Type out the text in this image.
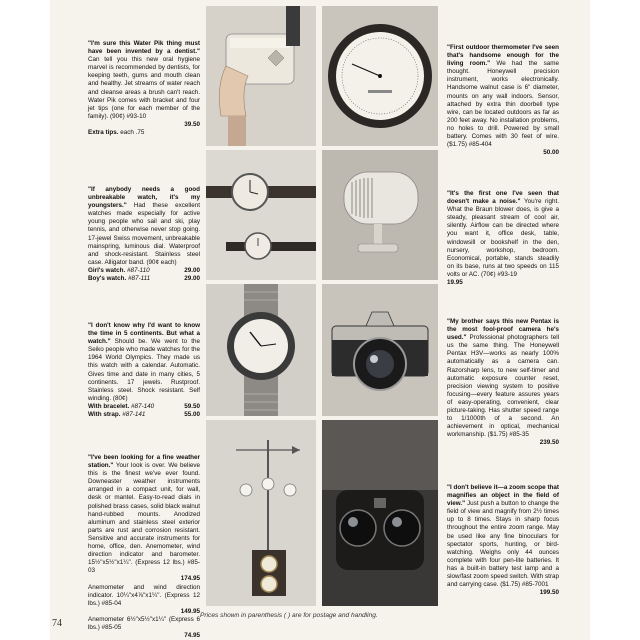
"I'm sure this Water Pik thing must have been invented by a dentist." Can tell you this new oral hygiene marvel is recommended by dentists, for keeping teeth, gums and mouth clean and healthy. Jet streams of water reach and cleanse areas a brush can't reach. Water Pik comes with bracket and four jet tips (one for each member of the family). (90¢) #93-10
39.50
Extra tips. each .75
"If anybody needs a good unbreakable watch, it's my youngsters." Had these excellent watches made especially for active young people who sail and ski, play tennis, and otherwise never stop going. 17-jewel Swiss movement, unbreakable mainspring, luminous dial. Waterproof and shock-resistant. Stainless steel case. Alligator band. (90¢ each)
Girl's watch. #87-110	29.00
Boy's watch. #87-111	29.00
"I don't know why I'd want to know the time in 5 continents. But what a watch." Should be. We went to the Seiko people who made watches for the 1964 World Olympics. They made us this watch with a calendar. Automatic. Gives time and date in many cities, 5 continents. 17 jewels. Rustproof. Stainless steel. Shock resistant. Self winding. (80¢)
With bracelet. #87-140	59.50
With strap. #87-141	55.00
"I've been looking for a fine weather station." Your look is over. We believe this is the finest we've ever found. Downeaster weather instruments arranged in a compact unit, for wall, desk or mantel. Easy-to-read dials in polished brass cases, solid black walnut hand-rubbed mounts. Anodized aluminum and stainless steel exterior parts are rust and corrosion resistant. Sensitive and accurate instruments for home, office, den. Anemometer, wind direction indicator and barometer. 15½"x5½"x1¼". (Express 12 lbs.) #85-03
174.95
Anemometer and wind direction indicator. 10¼"x4⅞"x1¼". (Express 12 lbs.) #85-04
149.95
Anemometer 6½"x5½"x1¼" (Express 6 lbs.) #85-05
74.95
"First outdoor thermometer I've seen that's handsome enough for the living room." We had the same thought. Honeywell precision instrument, works electronically. Handsome walnut case is 6" diameter, mounts on any wall indoors. Sensor, attached by extra thin doorbell type wire, can be located outdoors as far as 200 feet away. No installation problems, no holes to drill. Powered by small battery. Comes with 30 feet of wire. ($1.75) #85-404
50.00
"It's the first one I've seen that doesn't make a noise." You're right. What the Braun blower does, is give a steady, pleasant stream of cool air, silently. Airflow can be directed where you want it, office desk, table, windowsill or bookshelf in the den, nursery, workshop, bedroom. Economical, portable, stands steadily on its base, runs at two speeds on 115 volts or AC. (70¢) #93-19
19.95
"My brother says this new Pentax is the most fool-proof camera he's used." Professional photographers tell us the same thing. The Honeywell Pentax H3V—works as nearly 100% automatically as a camera can. Razorsharp lens, to new self-timer and automatic exposure counter reset, precision viewing system to positive focusing—every feature assures years of easy-operating, convenient, clear picture-taking. Has shutter speed range to 1/1000th of a second. An achievement in optical, mechanical workmanship. ($1.75) #85-35
239.50
"I don't believe it—a zoom scope that magnifies an object in the field of view." Just push a button to change the field of view and magnify from 2½ times up to 8 times. Stays in sharp focus throughout the entire zoom range. May be used like any fine binoculars for spectator sports, hunting, or bird-watching. Weighs only 44 ounces complete with four pen-lite batteries. It has a built-in battery test lamp and a slow/fast zoom speed switch. With strap and carrying case. ($1.75) #85-7001
199.50
74
Prices shown in parenthesis ( ) are for postage and handling.
